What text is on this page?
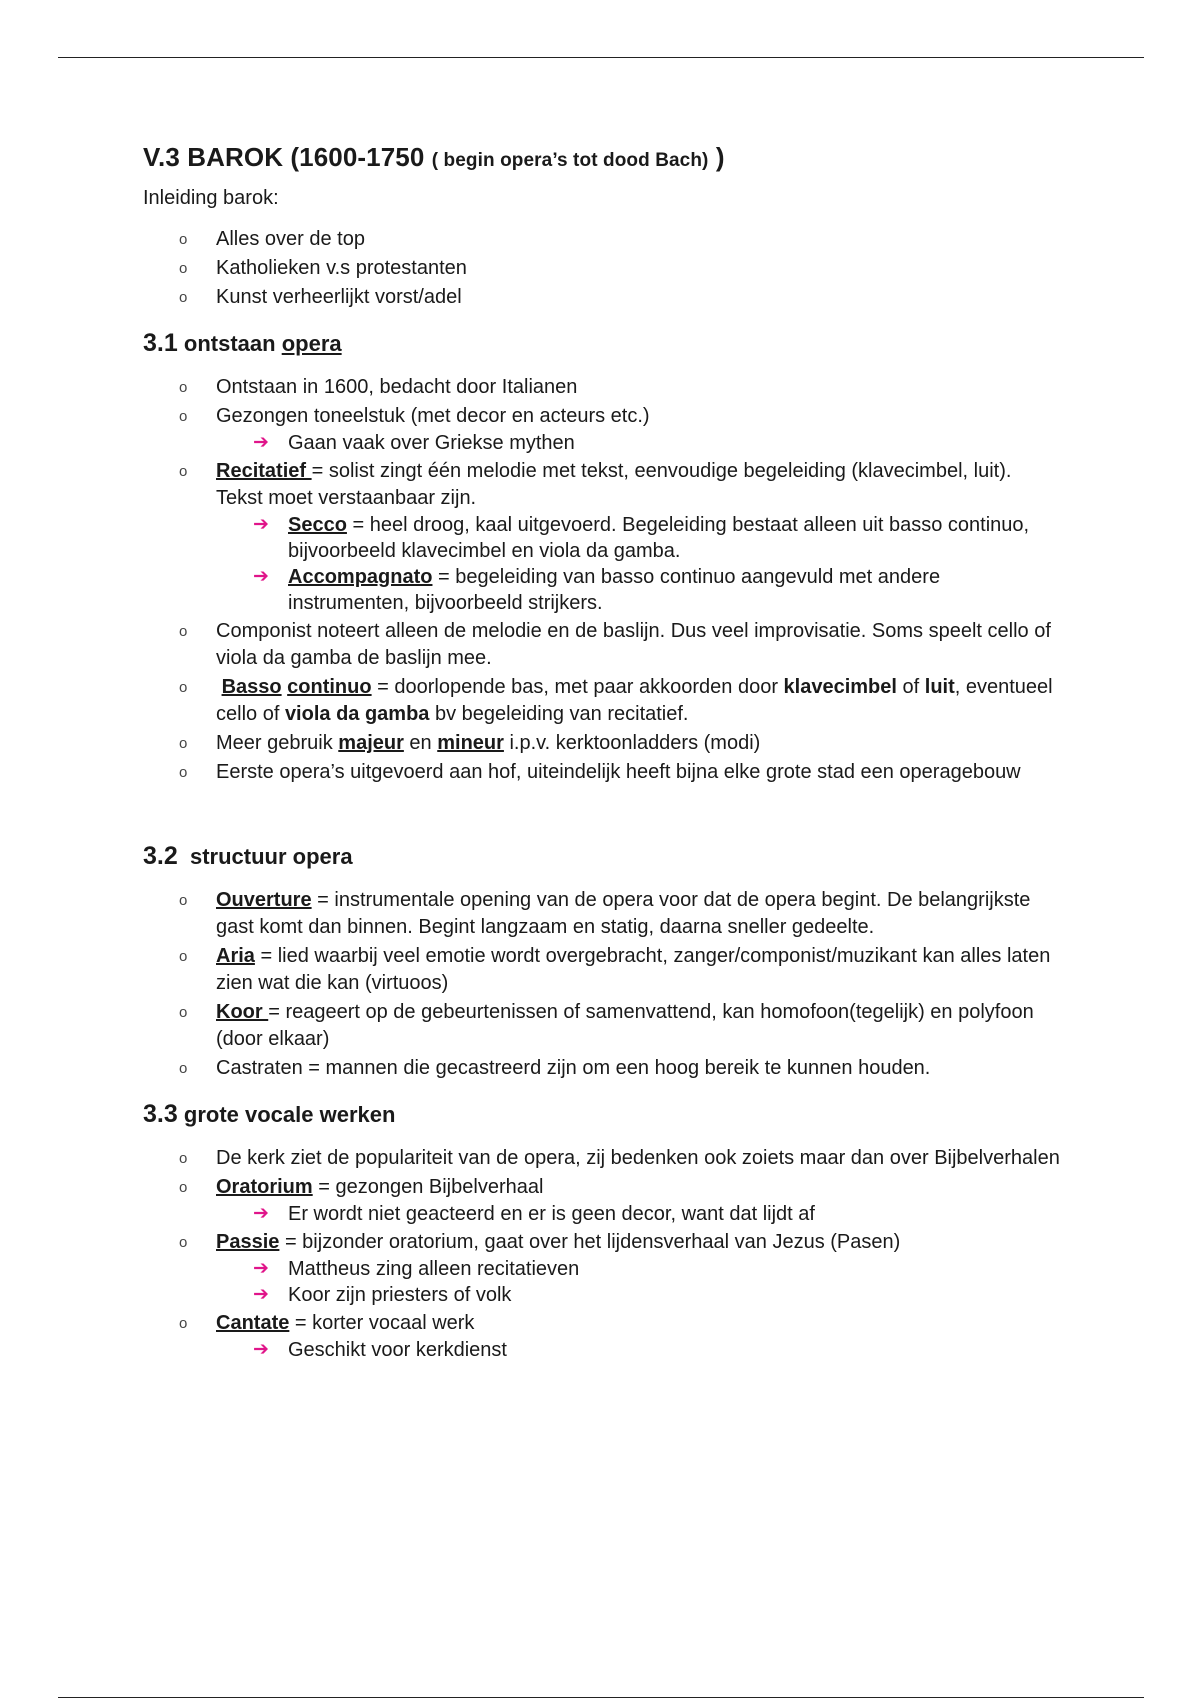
V.3 BAROK (1600-1750 ( begin opera’s tot dood Bach) )

Inleiding barok:

o Alles over de top
o Katholieken v.s protestanten
o Kunst verheerlijkt vorst/adel
3.1 ontstaan opera
o Ontstaan in 1600, bedacht door Italianen
o Gezongen toneelstuk (met decor en acteurs etc.)
➔ Gaan vaak over Griekse mythen
o Recitatief = solist zingt één melodie met tekst, eenvoudige begeleiding (klavecimbel, luit). Tekst moet verstaanbaar zijn.
➔ Secco = heel droog, kaal uitgevoerd. Begeleiding bestaat alleen uit basso continuo, bijvoorbeeld klavecimbel en viola da gamba.
➔ Accompagnato = begeleiding van basso continuo aangevuld met andere instrumenten, bijvoorbeeld strijkers.
o Componist noteert alleen de melodie en de baslijn. Dus veel improvisatie. Soms speelt cello of viola da gamba de baslijn mee.
o Basso continuo = doorlopende bas, met paar akkoorden door klavecimbel of luit, eventueel cello of viola da gamba bv begeleiding van recitatief.
o Meer gebruik majeur en mineur i.p.v. kerktoonladders (modi)
o Eerste opera’s uitgevoerd aan hof, uiteindelijk heeft bijna elke grote stad een operagebouw
3.2 structuur opera
o Ouverture = instrumentale opening van de opera voor dat de opera begint. De belangrijkste gast komt dan binnen. Begint langzaam en statig, daarna sneller gedeelte.
o Aria = lied waarbij veel emotie wordt overgebracht, zanger/componist/muzikant kan alles laten zien wat die kan (virtuoos)
o Koor = reageert op de gebeurtenissen of samenvattend, kan homofoon(tegelijk) en polyfoon (door elkaar)
o Castraten = mannen die gecastreerd zijn om een hoog bereik te kunnen houden.
3.3 grote vocale werken
o De kerk ziet de populariteit van de opera, zij bedenken ook zoiets maar dan over Bijbelverhalen
o Oratorium = gezongen Bijbelverhaal
➔ Er wordt niet geacteerd en er is geen decor, want dat lijdt af
o Passie = bijzonder oratorium, gaat over het lijdensverhaal van Jezus (Pasen)
➔ Mattheus zing alleen recitatieven
➔ Koor zijn priesters of volk
o Cantate = korter vocaal werk
➔ Geschikt voor kerkdienst
